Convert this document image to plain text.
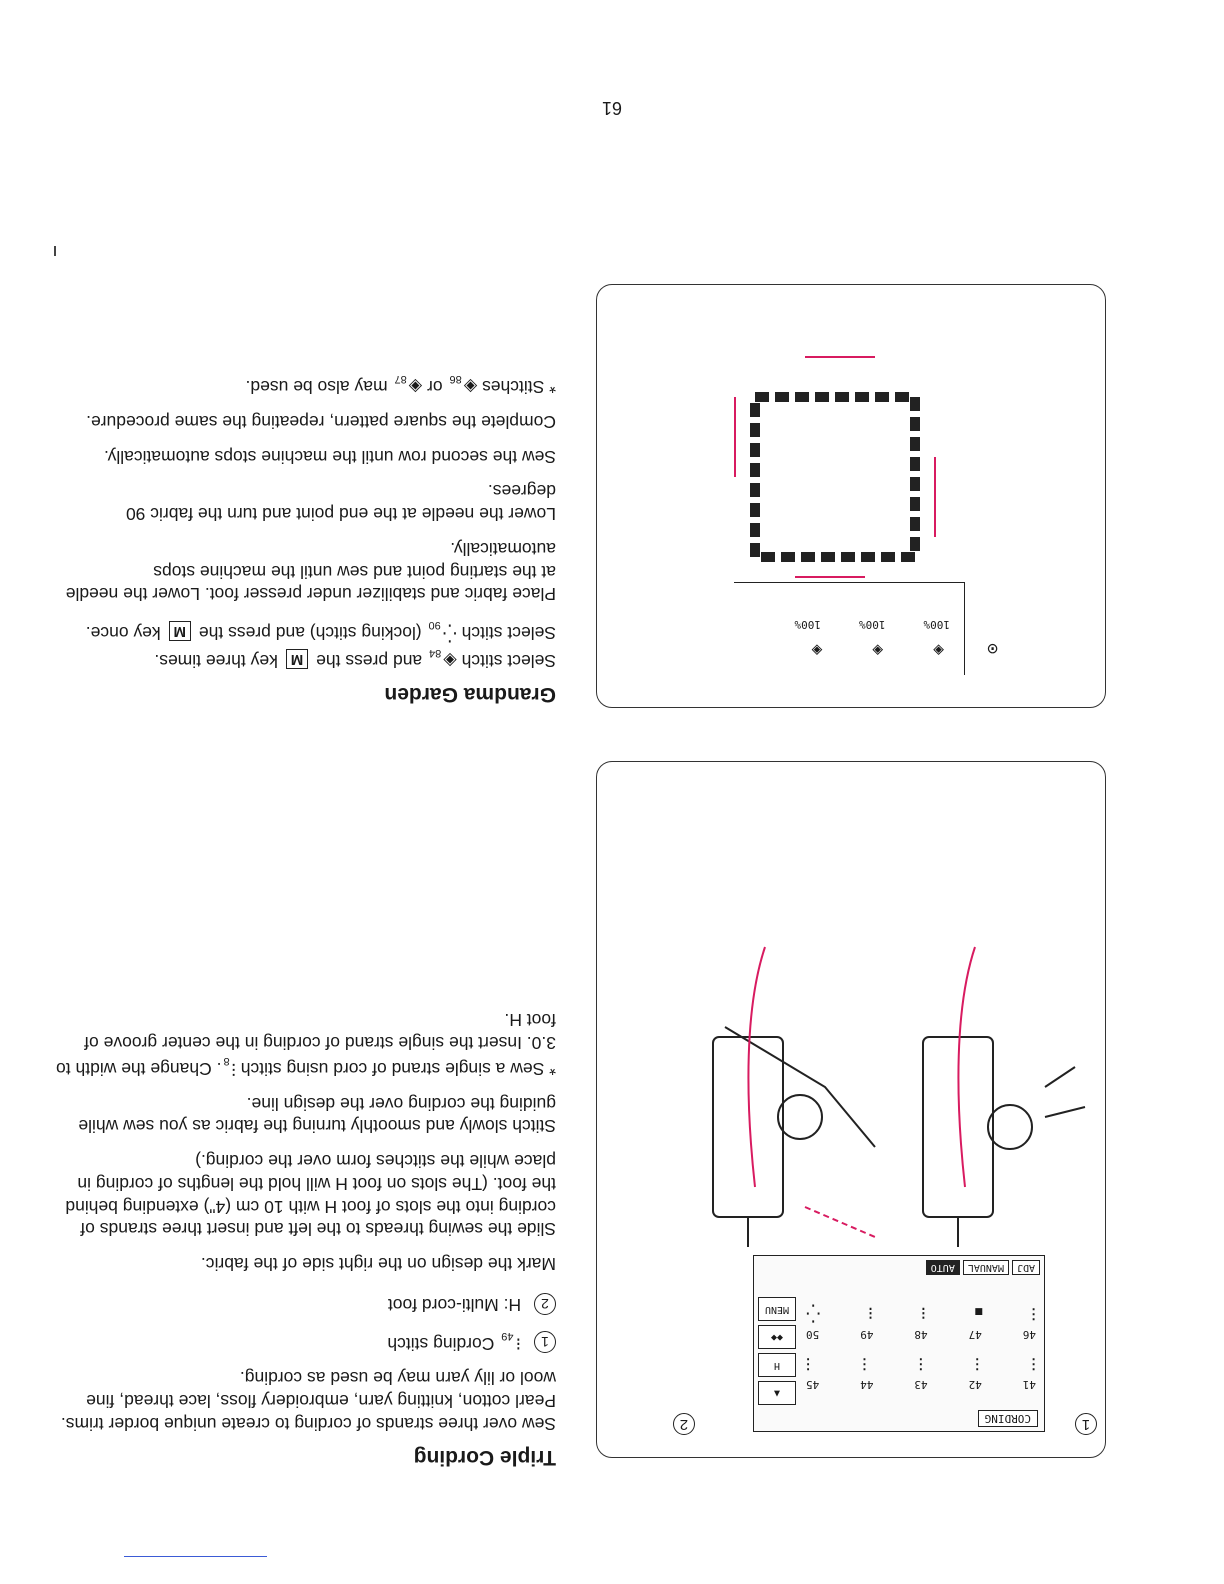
Triple Cording

Sew over three strands of cording to create unique border trims. Pearl cotton, knitting yarn, embroidery floss, lace thread, fine wool or lily yarn may be used as cording.

1 $⁝_{49}$ Cording stitch

2 H: Multi-cord foot

Mark the design on the right side of the fabric.

Slide the sewing threads to the left and insert three strands of cording into the slots of foot H with 10 cm (4") extending behind the foot. (The slots on foot H will hold the lengths of cording in place while the stitches form over the cording.)

Stitch slowly and smoothly turning the fabric as you sew while guiding the cording over the design line.

* Sew a single strand of cord using stitch $⫶_8$. Change the width to 3.0. Insert the single strand of cording in the center groove of foot H.

Grandma Garden

Select stitch $◈_{84}$ and press the M key three times.

Select stitch $⁛_{90}$ (locking stitch) and press the M key once.

Place fabric and stabilizer under presser foot. Lower the needle at the starting point and sew until the machine stops automatically.

Lower the needle at the end point and turn the fabric 90 degrees.

Sew the second row until the machine stops automatically.

Complete the square pattern, repeating the same procedure.

* Stitches $◈_{86}$ or $◈_{87}$ may also be used.

1
2	CORDING
41
42
43
44
45
⫶
⫶
⫶
⫶
⫶
46
47
48
49
50
⫶
▪
⁝
⁝
⁛
▲
H
◆◆
MENU
ADJ
MANUAL
AUTO
◈
◈
◈
100%
100%
100%
⊙
61
